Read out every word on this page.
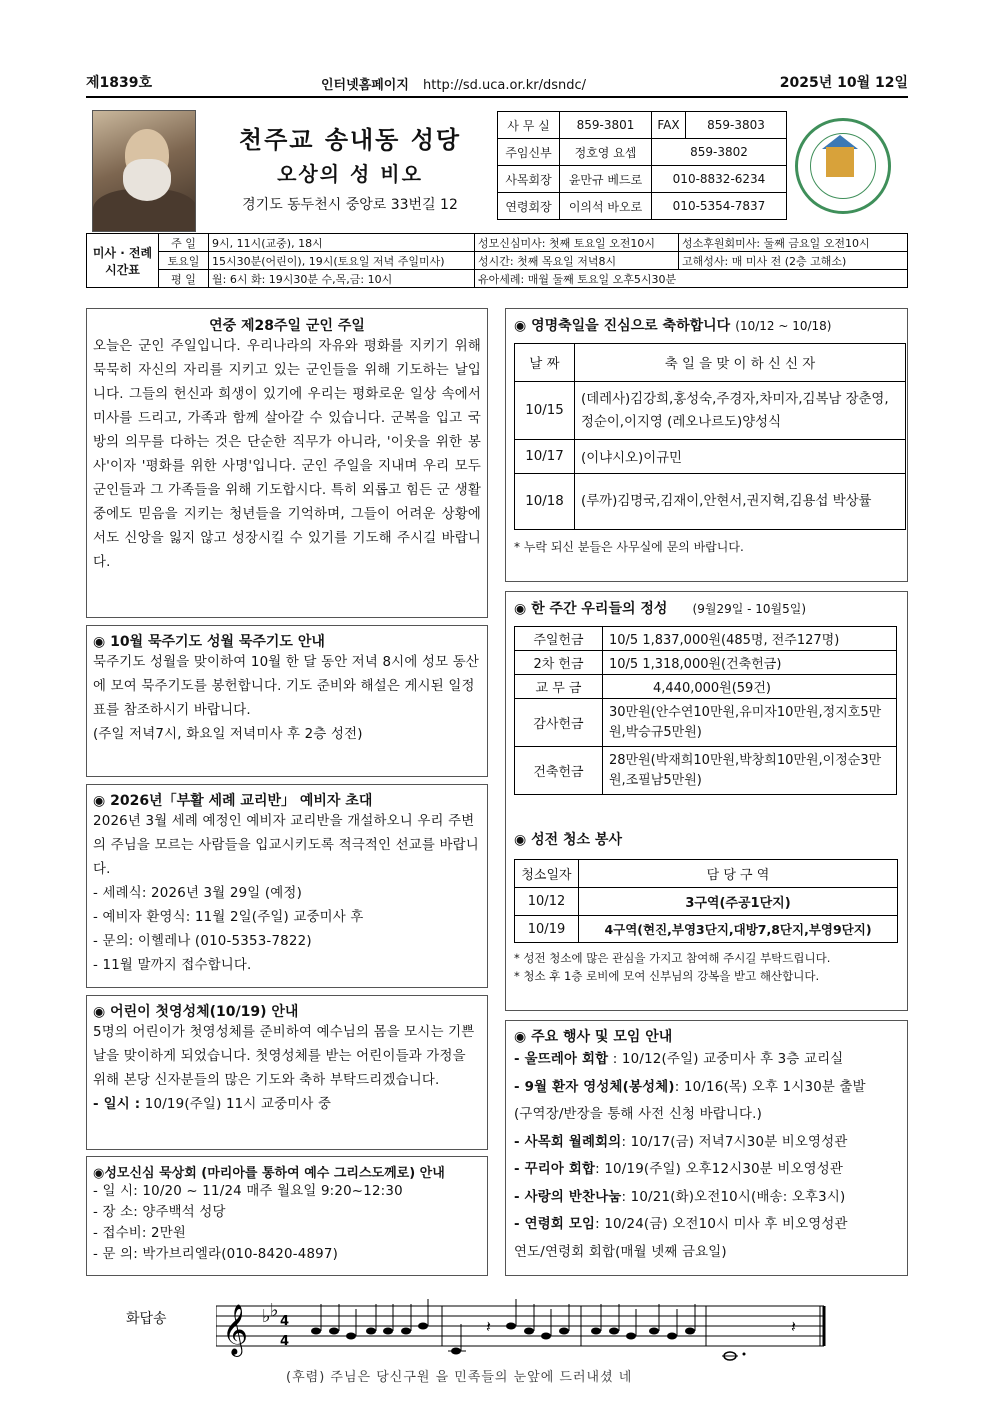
제1839호	인터넷홈페이지 http://sd.uca.or.kr/dsndc/	2025년 10월 12일
천주교 송내동 성당
오상의 성 비오
경기도 동두천시 중앙로 33번길 12
사 무 실	859-3801	FAX	859-3803
주임신부	정호영 요셉	859-3802	
사목회장	윤만규 베드로	010-8832-6234	
연령회장	이의석 바오로	010-5354-7837	
미사 · 전례
시간표	주 일	9시, 11시(교중), 18시	성모신심미사: 첫째 토요일 오전10시	성소후원회미사: 둘째 금요일 오전10시
	토요일	15시30분(어린이), 19시(토요일 저녁 주일미사)	성시간: 첫째 목요일 저녁8시	고해성사: 매 미사 전 (2층 고해소)
	평 일	월: 6시 화: 19시30분 수,목,금: 10시	유아세례: 매월 둘째 토요일 오후5시30분	
연중 제28주일 군인 주일
오늘은 군인 주일입니다. 우리나라의 자유와 평화를 지키기 위해 묵묵히 자신의 자리를 지키고 있는 군인들을 위해 기도하는 날입니다. 그들의 헌신과 희생이 있기에 우리는 평화로운 일상 속에서 미사를 드리고, 가족과 함께 살아갈 수 있습니다. 군복을 입고 국방의 의무를 다하는 것은 단순한 직무가 아니라, '이웃을 위한 봉사'이자 '평화를 위한 사명'입니다. 군인 주일을 지내며 우리 모두 군인들과 그 가족들을 위해 기도합시다. 특히 외롭고 힘든 군 생활 중에도 믿음을 지키는 청년들을 기억하며, 그들이 어려운 상황에서도 신앙을 잃지 않고 성장시킬 수 있기를 기도해 주시길 바랍니다.
◉ 10월 묵주기도 성월 묵주기도 안내
묵주기도 성월을 맞이하여 10월 한 달 동안 저녁 8시에 성모 동산에 모여 묵주기도를 봉헌합니다. 기도 준비와 해설은 게시된 일정표를 참조하시기 바랍니다.
(주일 저녁7시, 화요일 저녁미사 후 2층 성전)
◉ 2026년「부활 세례 교리반」 예비자 초대
2026년 3월 세례 예정인 예비자 교리반을 개설하오니 우리 주변의 주님을 모르는 사람들을 입교시키도록 적극적인 선교를 바랍니다.
- 세례식: 2026년 3월 29일 (예정)
- 예비자 환영식: 11월 2일(주일) 교중미사 후
- 문의: 이헬레나 (010-5353-7822)
- 11월 말까지 접수합니다.
◉ 어린이 첫영성체(10/19) 안내
5명의 어린이가 첫영성체를 준비하여 예수님의 몸을 모시는 기쁜 날을 맞이하게 되었습니다. 첫영성체를 받는 어린이들과 가정을 위해 본당 신자분들의 많은 기도와 축하 부탁드리겠습니다.
- 일시 : 10/19(주일) 11시 교중미사 중
◉성모신심 묵상회 (마리아를 통하여 예수 그리스도께로) 안내
- 일 시: 10/20 ~ 11/24 매주 월요일 9:20~12:30
- 장 소: 양주백석 성당
- 접수비: 2만원
- 문 의: 박가브리엘라(010-8420-4897)
◉ 영명축일을 진심으로 축하합니다 (10/12 ~ 10/18)
날 짜	축 일 을 맞 이 하 신 신 자
10/15	(데레사)김강희,홍성숙,주경자,차미자,김복남 장춘영,정순이,이지영 (레오나르도)양성식
10/17	(이냐시오)이규민
10/18	(루까)김명국,김재이,안현서,권지혁,김용섭 박상률
* 누락 되신 분들은 사무실에 문의 바랍니다.
◉ 한 주간 우리들의 정성 (9월29일 - 10월5일)
주일헌금	10/5 1,837,000원(485명, 전주127명)
2차 헌금	10/5 1,318,000원(건축헌금)
교 무 금	4,440,000원(59건)
감사헌금	30만원(안수연10만원,유미자10만원,정지호5만원,박승규5만원)
건축헌금	28만원(박재희10만원,박창희10만원,이정순3만원,조필남5만원)
◉ 성전 청소 봉사
청소일자	담 당 구 역
10/12	3구역(주공1단지)
10/19	4구역(현진,부영3단지,대방7,8단지,부영9단지)
* 성전 청소에 많은 관심을 가지고 참여해 주시길 부탁드립니다.
* 청소 후 1층 로비에 모여 신부님의 강복을 받고 해산합니다.
◉ 주요 행사 및 모임 안내
- 울뜨레아 회합 : 10/12(주일) 교중미사 후 3층 교리실
- 9월 환자 영성체(봉성체): 10/16(목) 오후 1시30분 출발
(구역장/반장을 통해 사전 신청 바랍니다.)
- 사목회 월례회의: 10/17(금) 저녁7시30분 비오영성관
- 꾸리아 회합: 10/19(주일) 오후12시30분 비오영성관
- 사랑의 반찬나눔: 10/21(화)오전10시(배송: 오후3시)
- 연령회 모임: 10/24(금) 오전10시 미사 후 비오영성관
연도/연령회 회합(매월 넷째 금요일)
화답송 𝄞 ♭ ♭
4
4
𝄽	𝄽
(후렴) 주님은 당신구원 을 민족들의 눈앞에 드러내셨 네
